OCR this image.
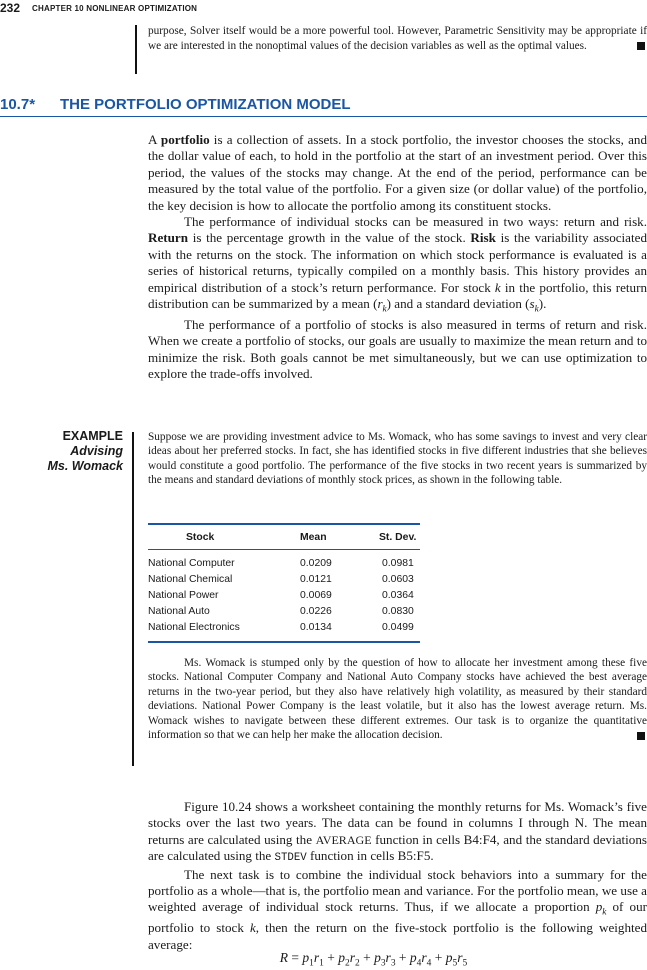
232 CHAPTER 10 NONLINEAR OPTIMIZATION
purpose, Solver itself would be a more powerful tool. However, Parametric Sensitivity may be appropriate if we are interested in the nonoptimal values of the decision variables as well as the optimal values.
10.7* THE PORTFOLIO OPTIMIZATION MODEL

A portfolio is a collection of assets. In a stock portfolio, the investor chooses the stocks, and the dollar value of each, to hold in the portfolio at the start of an investment period. Over this period, the values of the stocks may change. At the end of the period, performance can be measured by the total value of the portfolio. For a given size (or dollar value) of the portfolio, the key decision is how to allocate the portfolio among its constituent stocks.

The performance of individual stocks can be measured in two ways: return and risk. Return is the percentage growth in the value of the stock. Risk is the variability associated with the returns on the stock. The information on which stock performance is evaluated is a series of historical returns, typically compiled on a monthly basis. This history provides an empirical distribution of a stock’s return performance. For stock k in the portfolio, this return distribution can be summarized by a mean $(r_k)$ and a standard deviation $(s_k)$.

The performance of a portfolio of stocks is also measured in terms of return and risk. When we create a portfolio of stocks, our goals are usually to maximize the mean return and to minimize the risk. Both goals cannot be met simultaneously, but we can use optimization to explore the trade-offs involved.

EXAMPLE
Advising
Ms. Womack
Suppose we are providing investment advice to Ms. Womack, who has some savings to invest and very clear ideas about her preferred stocks. In fact, she has identified stocks in five different industries that she believes would constitute a good portfolio. The performance of the five stocks in two recent years is summarized by the means and standard deviations of monthly stock prices, as shown in the following table.
Stock	Mean	St. Dev.
National Computer	0.0209	0.0981
National Chemical	0.0121	0.0603
National Power	0.0069	0.0364
National Auto	0.0226	0.0830
National Electronics	0.0134	0.0499
Ms. Womack is stumped only by the question of how to allocate her investment among these five stocks. National Computer Company and National Auto Company stocks have achieved the best average returns in the two-year period, but they also have relatively high volatility, as measured by their standard deviations. National Power Company is the least volatile, but it also has the lowest average return. Ms. Womack wishes to navigate between these different extremes. Our task is to organize the quantitative information so that we can help her make the allocation decision.

Figure 10.24 shows a worksheet containing the monthly returns for Ms. Womack’s five stocks over the last two years. The data can be found in columns I through N. The mean returns are calculated using the AVERAGE function in cells B4:F4, and the standard deviations are calculated using the STDEV function in cells B5:F5.

The next task is to combine the individual stock behaviors into a summary for the portfolio as a whole—that is, the portfolio mean and variance. For the portfolio mean, we use a weighted average of individual stock returns. Thus, if we allocate a proportion $p_k$ of our portfolio to stock k, then the return on the five-stock portfolio is the following weighted average:

$R = p_1r_1 + p_2r_2 + p_3r_3 + p_4r_4 + p_5r_5$
